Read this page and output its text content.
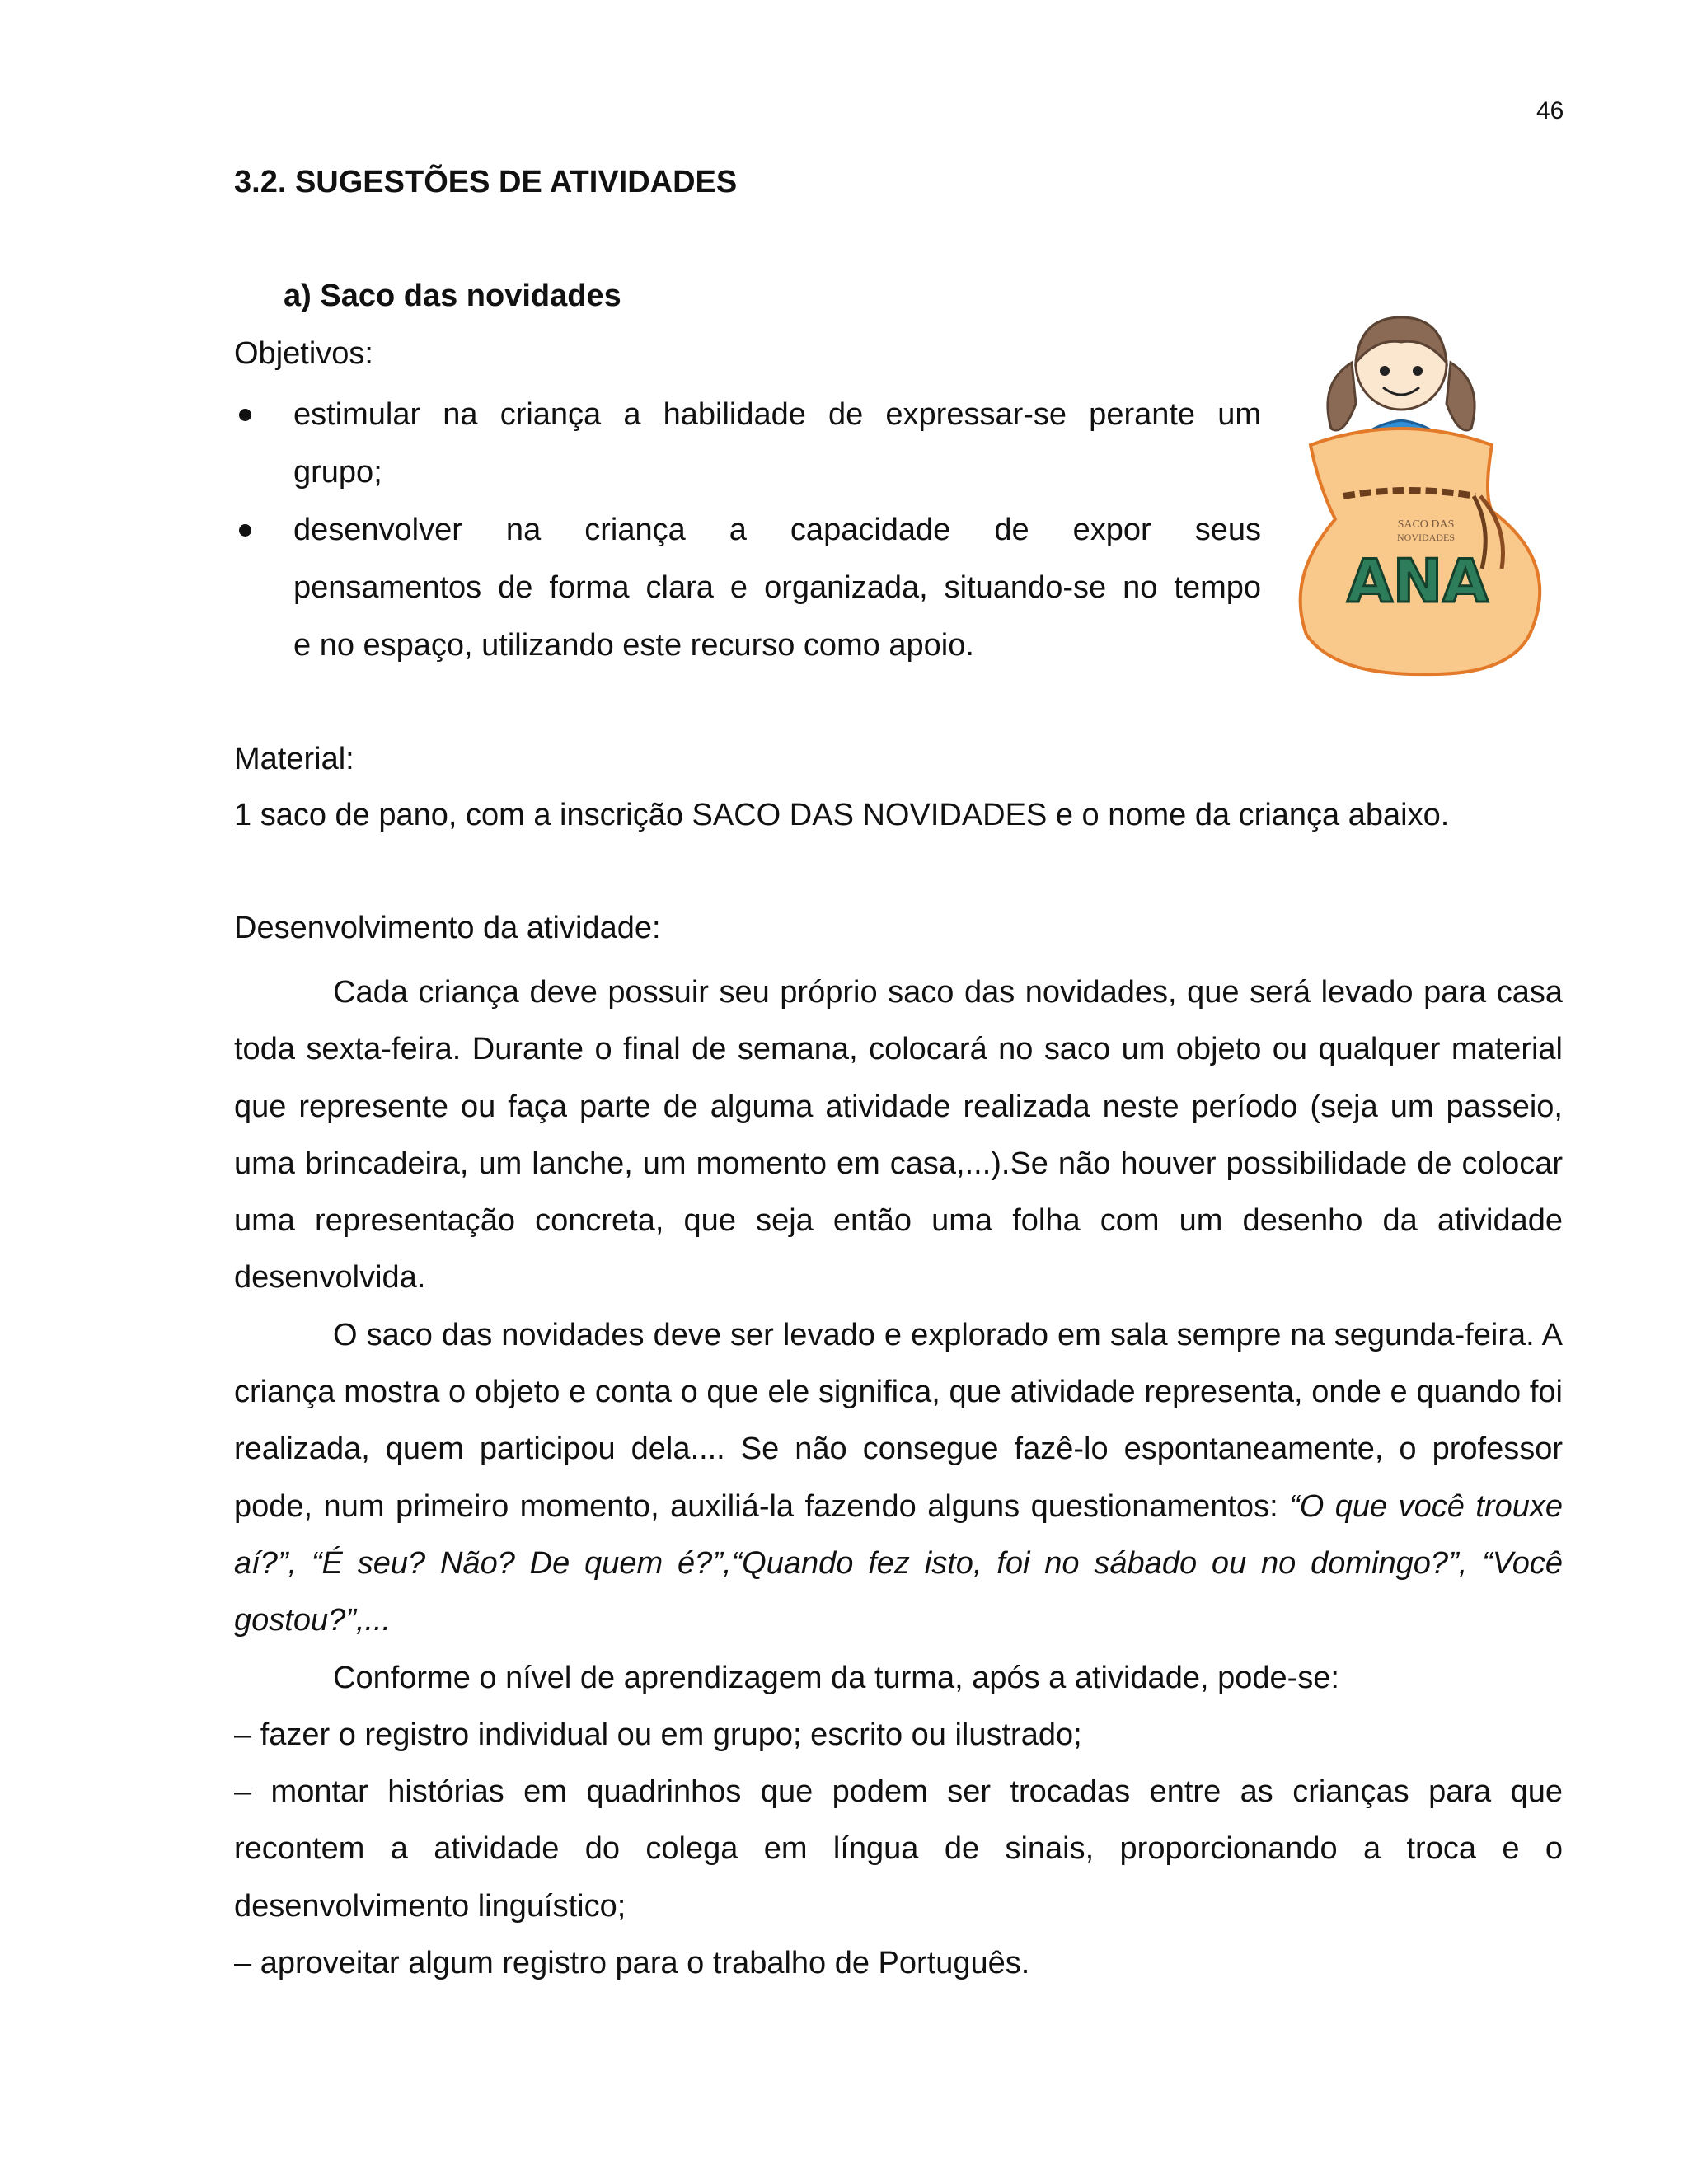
46
3.2. SUGESTÕES DE ATIVIDADES
a) Saco das novidades
Objetivos:
estimular na criança a habilidade de expressar-se perante um
grupo;
desenvolver na criança a capacidade de expor seus
pensamentos de forma clara e organizada, situando-se no tempo
e no espaço, utilizando este recurso como apoio.
SACO DAS
NOVIDADES
ANA
Material:
1 saco de pano, com a inscrição SACO DAS NOVIDADES e o nome da criança abaixo.
Desenvolvimento da atividade:

Cada criança deve possuir seu próprio saco das novidades, que será levado para casa toda sexta-feira. Durante o final de semana, colocará no saco um objeto ou qualquer material que represente ou faça parte de alguma atividade realizada neste período (seja um passeio, uma brincadeira, um lanche, um momento em casa,...).Se não houver possibilidade de colocar uma representação concreta, que seja então uma folha com um desenho da atividade desenvolvida.

O saco das novidades deve ser levado e explorado em sala sempre na segunda-feira. A criança mostra o objeto e conta o que ele significa, que atividade representa, onde e quando foi realizada, quem participou dela.... Se não consegue fazê-lo espontaneamente, o professor pode, num primeiro momento, auxiliá-la fazendo alguns questionamentos: “O que você trouxe aí?”, “É seu? Não? De quem é?”,“Quando fez isto, foi no sábado ou no domingo?”, “Você gostou?”,...

Conforme o nível de aprendizagem da turma, após a atividade, pode-se:

– fazer o registro individual ou em grupo; escrito ou ilustrado;

– montar histórias em quadrinhos que podem ser trocadas entre as crianças para que recontem a atividade do colega em língua de sinais, proporcionando a troca e o desenvolvimento linguístico;

– aproveitar algum registro para o trabalho de Português.
